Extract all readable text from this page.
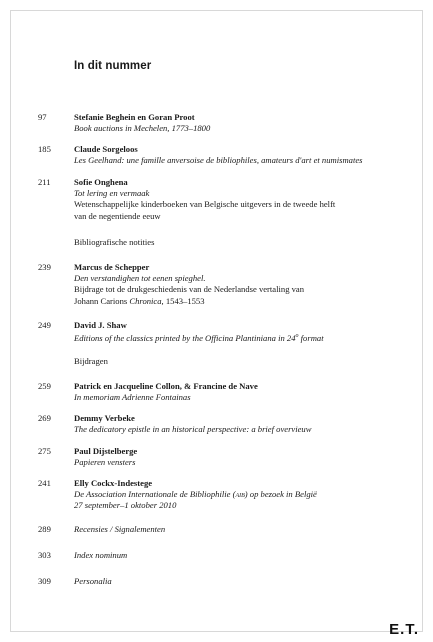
In dit nummer
97	Stefanie Beghein en Goran Proot
Book auctions in Mechelen, 1773–1800
185	Claude Sorgeloos
Les Geelhand: une famille anversoise de bibliophiles, amateurs d'art et numismates
211	Sofie Onghena
Tot lering en vermaak
Wetenschappelijke kinderboeken van Belgische uitgevers in de tweede helft
van de negentiende eeuw
Bibliografische notities
239	Marcus de Schepper
Den verstandighen tot eenen spieghel.
Bijdrage tot de drukgeschiedenis van de Nederlandse vertaling van
Johann Carions Chronica, 1543–1553
249	David J. Shaw
Editions of the classics printed by the Officina Plantiniana in 24$^o$ format
Bijdragen
259	Patrick en Jacqueline Collon, & Francine de Nave
In memoriam Adrienne Fontainas
269	Demmy Verbeke
The dedicatory epistle in an historical perspective: a brief overvieuw
275	Paul Dijstelberge
Papieren vensters
241	Elly Cockx-Indestege
De Association Internationale de Bibliophilie (aib) op bezoek in België
27 september–1 oktober 2010
289	Recensies / Signalementen
303	Index nominum
309	Personalia
E.T.
